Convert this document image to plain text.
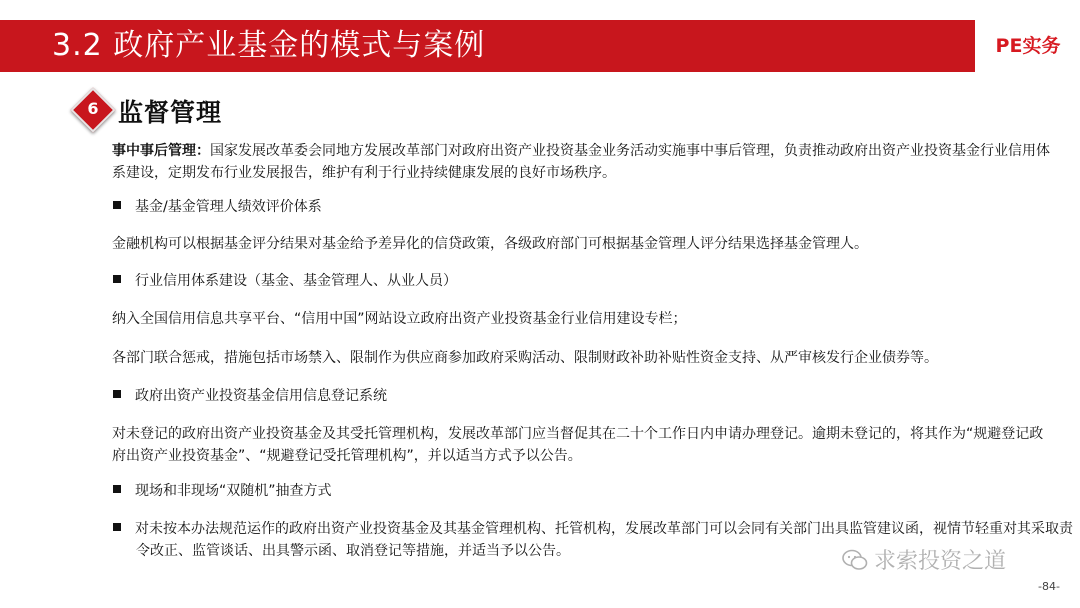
3.2 政府产业基金的模式与案例	PE实务
6 监督管理

事中事后管理：国家发展改革委会同地方发展改革部门对政府出资产业投资基金业务活动实施事中事后管理，负责推动政府出资产业投资基金行业信用体系建设，定期发布行业发展报告，维护有利于行业持续健康发展的良好市场秩序。

基金/基金管理人绩效评价体系
金融机构可以根据基金评分结果对基金给予差异化的信贷政策，各级政府部门可根据基金管理人评分结果选择基金管理人。
行业信用体系建设（基金、基金管理人、从业人员）
纳入全国信用信息共享平台、“信用中国”网站设立政府出资产业投资基金行业信用建设专栏；
各部门联合惩戒，措施包括市场禁入、限制作为供应商参加政府采购活动、限制财政补助补贴性资金支持、从严审核发行企业债券等。
政府出资产业投资基金信用信息登记系统
对未登记的政府出资产业投资基金及其受托管理机构，发展改革部门应当督促其在二十个工作日内申请办理登记。逾期未登记的，将其作为“规避登记政府出资产业投资基金”、“规避登记受托管理机构”，并以适当方式予以公告。
现场和非现场“双随机”抽查方式
对未按本办法规范运作的政府出资产业投资基金及其基金管理机构、托管机构，发展改革部门可以会同有关部门出具监管建议函，视情节轻重对其采取责令改正、监管谈话、出具警示函、取消登记等措施，并适当予以公告。	求索投资之道
-84-
